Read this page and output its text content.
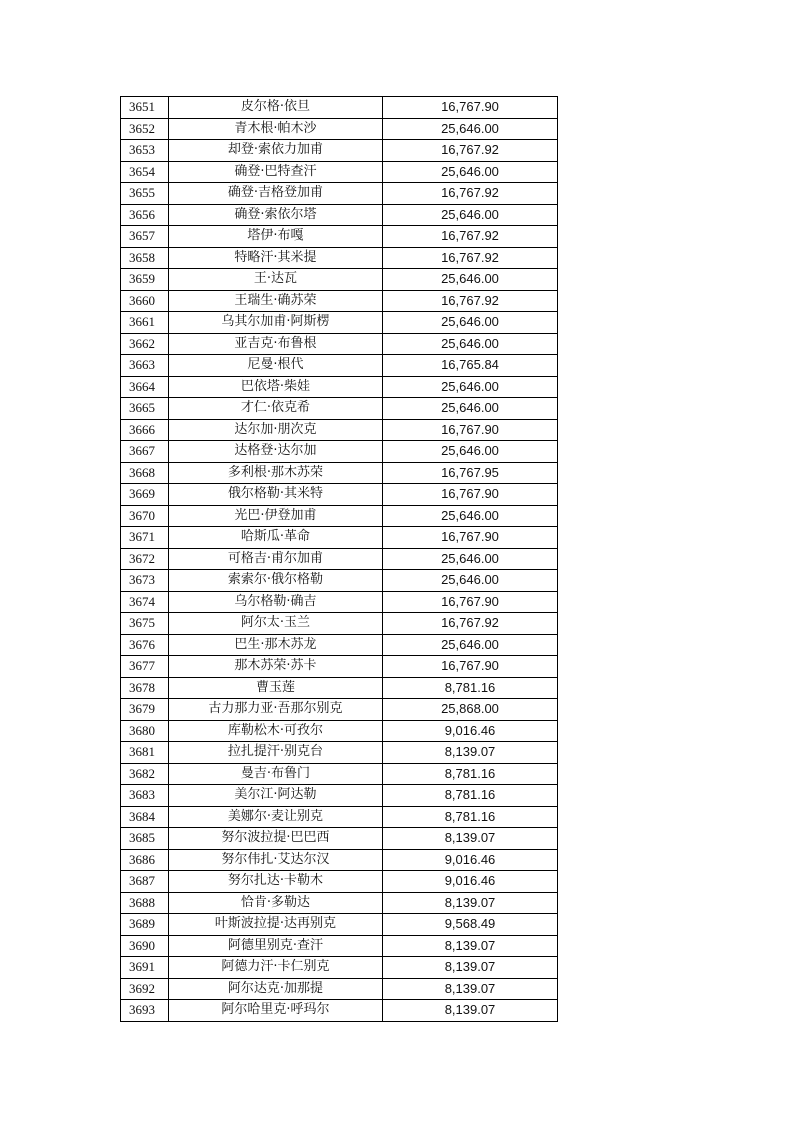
3651	皮尔格·依旦	16,767.90
3652	青木根·帕木沙	25,646.00
3653	却登·索依力加甫	16,767.92
3654	确登·巴特查汗	25,646.00
3655	确登·吉格登加甫	16,767.92
3656	确登·索依尔塔	25,646.00
3657	塔伊·布嘎	16,767.92
3658	特略汗·其米提	16,767.92
3659	王·达瓦	25,646.00
3660	王瑞生·确苏荣	16,767.92
3661	乌其尔加甫·阿斯楞	25,646.00
3662	亚吉克·布鲁根	25,646.00
3663	尼曼·根代	16,765.84
3664	巴依塔·柴娃	25,646.00
3665	才仁·依克希	25,646.00
3666	达尔加·朋次克	16,767.90
3667	达格登·达尔加	25,646.00
3668	多利根·那木苏荣	16,767.95
3669	俄尔格勒·其米特	16,767.90
3670	光巴·伊登加甫	25,646.00
3671	哈斯瓜·革命	16,767.90
3672	可格吉·甫尔加甫	25,646.00
3673	索索尔·俄尔格勒	25,646.00
3674	乌尔格勒·确吉	16,767.90
3675	阿尔太·玉兰	16,767.92
3676	巴生·那木苏龙	25,646.00
3677	那木苏荣·苏卡	16,767.90
3678	曹玉莲	8,781.16
3679	古力那力亚·吾那尔别克	25,868.00
3680	库勒松木·可孜尔	9,016.46
3681	拉扎提汗·别克台	8,139.07
3682	曼吉·布鲁门	8,781.16
3683	美尔江·阿达勒	8,781.16
3684	美娜尔·麦让别克	8,781.16
3685	努尔波拉提·巴巴西	8,139.07
3686	努尔伟扎·艾达尔汉	9,016.46
3687	努尔扎达·卡勒木	9,016.46
3688	恰肯·多勒达	8,139.07
3689	叶斯波拉提·达再别克	9,568.49
3690	阿德里别克·查汗	8,139.07
3691	阿德力汗·卡仁别克	8,139.07
3692	阿尔达克·加那提	8,139.07
3693	阿尔哈里克·呼玛尔	8,139.07
